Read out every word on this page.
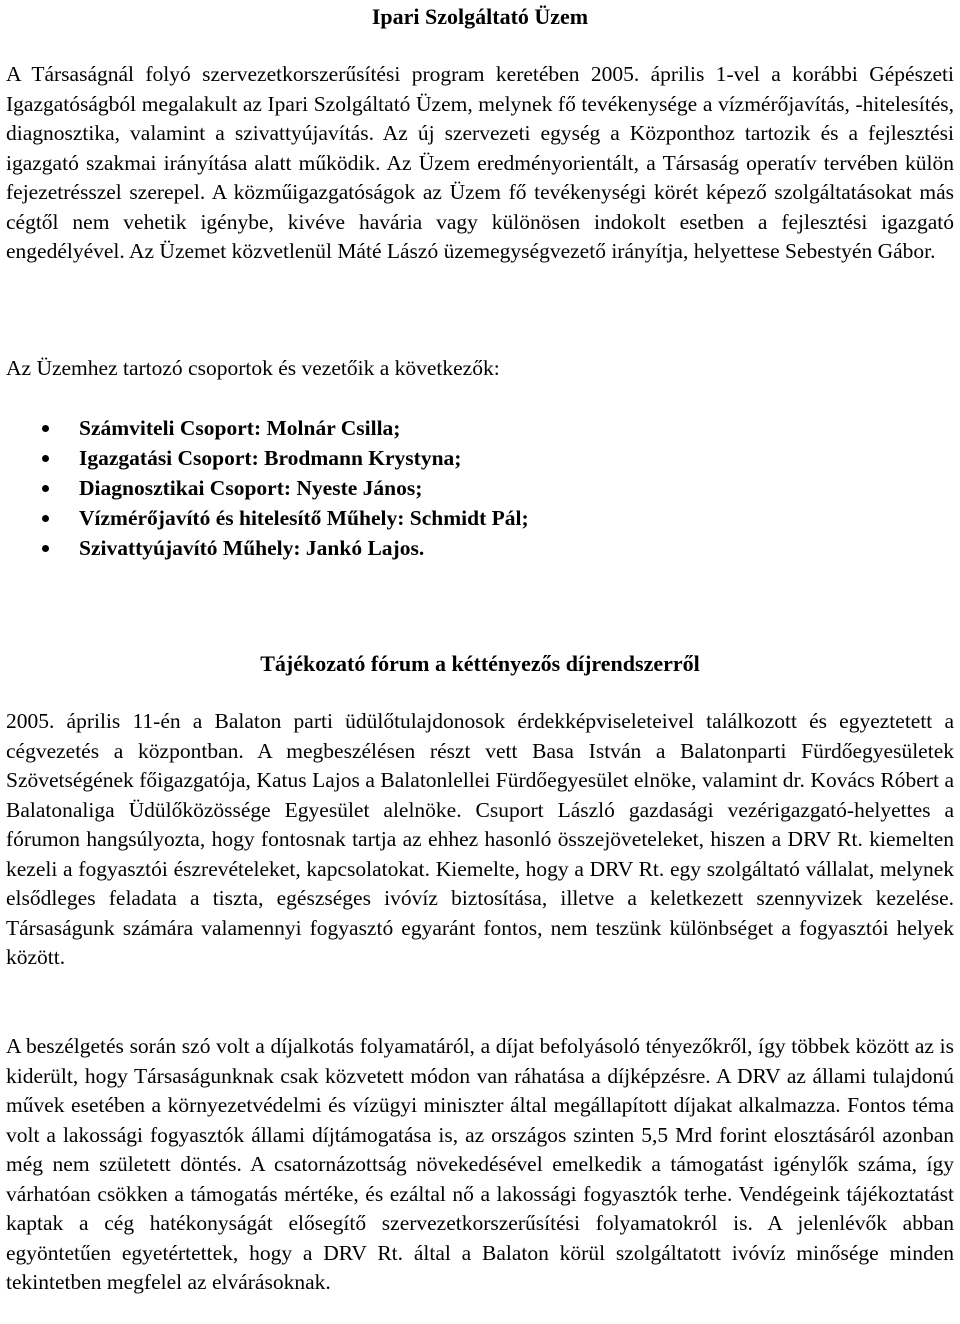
Ipari Szolgáltató Üzem

A Társaságnál folyó szervezetkorszerűsítési program keretében 2005. április 1-vel a korábbi Gépészeti Igazgatóságból megalakult az Ipari Szolgáltató Üzem, melynek fő tevékenysége a vízmérőjavítás, -hitelesítés, diagnosztika, valamint a szivattyújavítás. Az új szervezeti egység a Központhoz tartozik és a fejlesztési igazgató szakmai irányítása alatt működik. Az Üzem eredményorientált, a Társaság operatív tervében külön fejezetrésszel szerepel. A közműigazgatóságok az Üzem fő tevékenységi körét képező szolgáltatásokat más cégtől nem vehetik igénybe, kivéve havária vagy különösen indokolt esetben a fejlesztési igazgató engedélyével. Az Üzemet közvetlenül Máté Lászó üzemegységvezető irányítja, helyettese Sebestyén Gábor.

Az Üzemhez tartozó csoportok és vezetőik a következők:

Számviteli Csoport: Molnár Csilla;
Igazgatási Csoport: Brodmann Krystyna;
Diagnosztikai Csoport: Nyeste János;
Vízmérőjavító és hitelesítő Műhely: Schmidt Pál;
Szivattyújavító Műhely: Jankó Lajos.
Tájékozató fórum a kéttényezős díjrendszerről

2005. április 11-én a Balaton parti üdülőtulajdonosok érdekképviseleteivel találkozott és egyeztetett a cégvezetés a központban. A megbeszélésen részt vett Basa István a Balatonparti Fürdőegyesületek Szövetségének főigazgatója, Katus Lajos a Balatonlellei Fürdőegyesület elnöke, valamint dr. Kovács Róbert a Balatonaliga Üdülőközössége Egyesület alelnöke. Csuport László gazdasági vezérigazgató-helyettes a fórumon hangsúlyozta, hogy fontosnak tartja az ehhez hasonló összejöveteleket, hiszen a DRV Rt. kiemelten kezeli a fogyasztói észrevételeket, kapcsolatokat. Kiemelte, hogy a DRV Rt. egy szolgáltató vállalat, melynek elsődleges feladata a tiszta, egészséges ivóvíz biztosítása, illetve a keletkezett szennyvizek kezelése. Társaságunk számára valamennyi fogyasztó egyaránt fontos, nem teszünk különbséget a fogyasztói helyek között.

A beszélgetés során szó volt a díjalkotás folyamatáról, a díjat befolyásoló tényezőkről, így többek között az is kiderült, hogy Társaságunknak csak közvetett módon van ráhatása a díjképzésre. A DRV az állami tulajdonú művek esetében a környezetvédelmi és vízügyi miniszter által megállapított díjakat alkalmazza. Fontos téma volt a lakossági fogyasztók állami díjtámogatása is, az országos szinten 5,5 Mrd forint elosztásáról azonban még nem született döntés. A csatornázottság növekedésével emelkedik a támogatást igénylők száma, így várhatóan csökken a támogatás mértéke, és ezáltal nő a lakossági fogyasztók terhe. Vendégeink tájékoztatást kaptak a cég hatékonyságát elősegítő szervezetkorszerűsítési folyamatokról is. A jelenlévők abban egyöntetűen egyetértettek, hogy a DRV Rt. által a Balaton körül szolgáltatott ivóvíz minősége minden tekintetben megfelel az elvárásoknak.
